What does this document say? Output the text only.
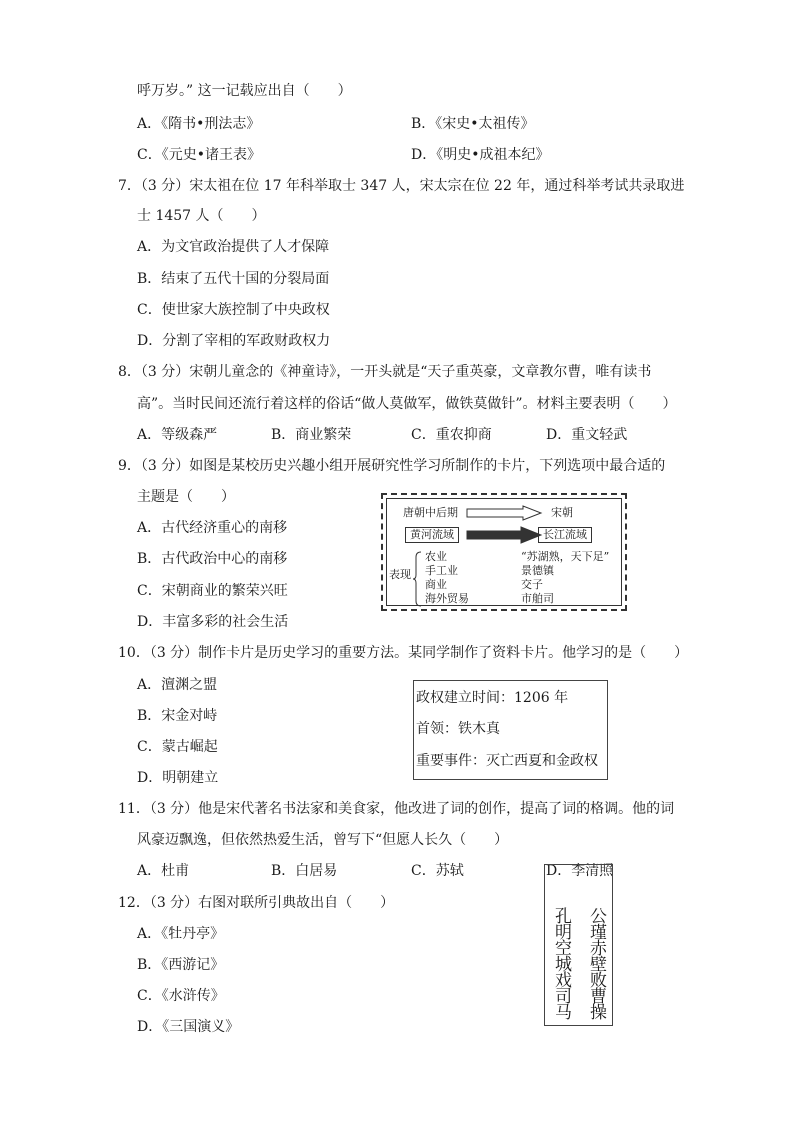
呼万岁。” 这一记载应出自（　　）
A．《隋书•刑法志》	B．《宋史•太祖传》
C．《元史•诸王表》	D．《明史•成祖本纪》
7．（3 分）宋太祖在位 17 年科举取士 347 人，宋太宗在位 22 年，通过科举考试共录取进
士 1457 人（　　）
A．为文官政治提供了人才保障
B．结束了五代十国的分裂局面
C．使世家大族控制了中央政权
D．分割了宰相的军政财政权力
8．（3 分）宋朝儿童念的《神童诗》，一开头就是“天子重英豪，文章教尔曹，唯有读书
高”。当时民间还流行着这样的俗话“做人莫做军，做铁莫做针”。材料主要表明（　　）
A．等级森严	B．商业繁荣	C．重农抑商	D．重文轻武
9．（3 分）如图是某校历史兴趣小组开展研究性学习所制作的卡片，下列选项中最合适的
主题是（　　）
A．古代经济重心的南移
B．古代政治中心的南移
C．宋朝商业的繁荣兴旺
D．丰富多彩的社会生活
唐朝中后期	宋朝
黄河流域	长江流域
表现
农业	“苏湖熟，天下足”
手工业	景德镇
商业	交子
海外贸易	市舶司
10．（3 分）制作卡片是历史学习的重要方法。某同学制作了资料卡片。他学习的是（　　）
A．澶渊之盟
B．宋金对峙
C．蒙古崛起
D．明朝建立
政权建立时间：1206 年
首领：铁木真
重要事件：灭亡西夏和金政权
11．（3 分）他是宋代著名书法家和美食家，他改进了词的创作，提高了词的格调。他的词
风豪迈飘逸，但依然热爱生活，曾写下“但愿人长久（　　）
A．杜甫	B．白居易	C．苏轼	D．李清照
12．（3 分）右图对联所引典故出自（　　）
A．《牡丹亭》
B．《西游记》
C．《水浒传》
D．《三国演义》
公瑾赤壁败曹操
孔明空城戏司马
